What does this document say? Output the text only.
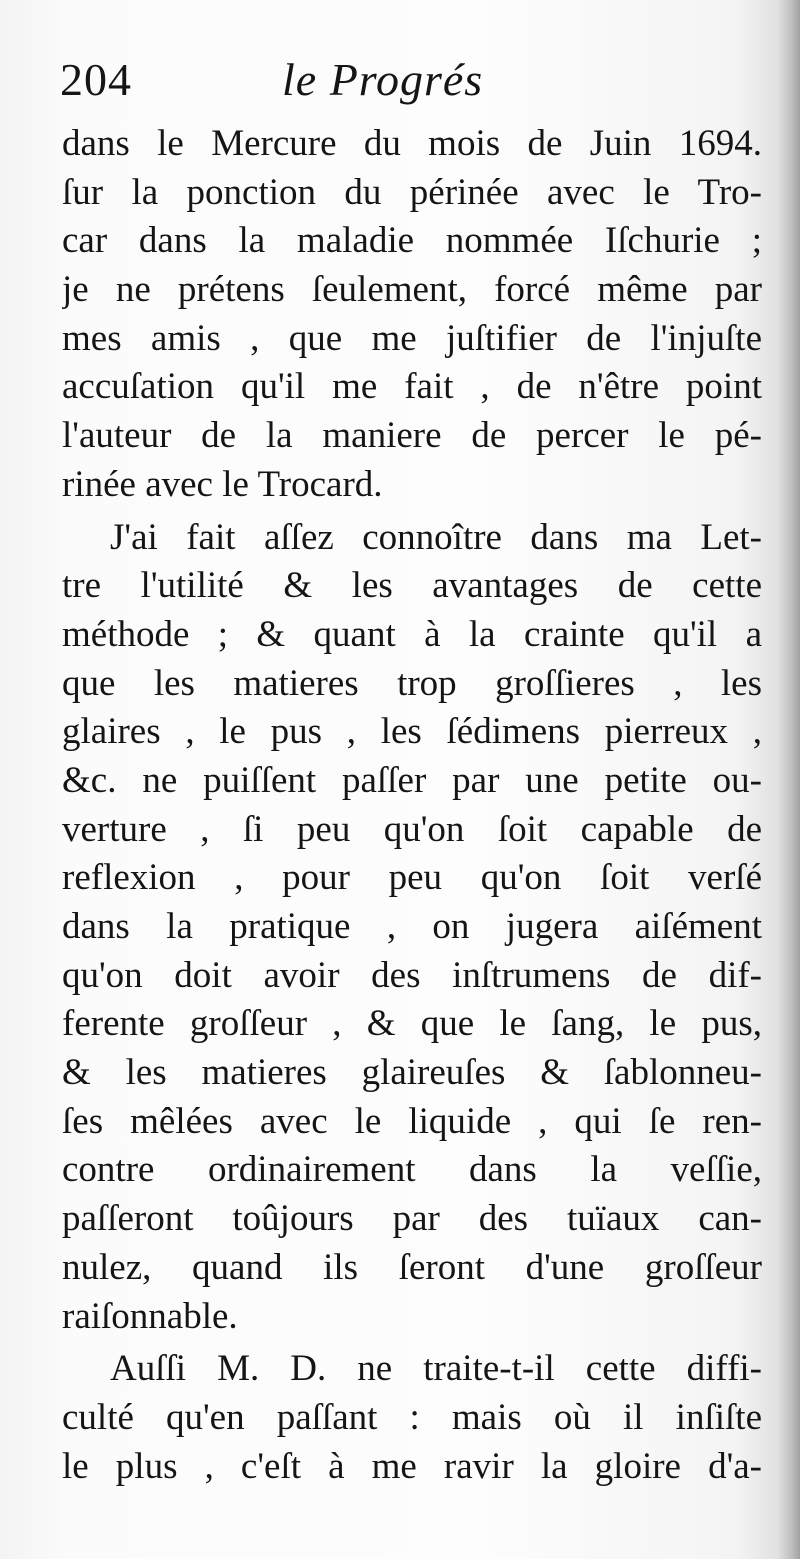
204	le Progrés
dans le Mercure du mois de Juin 1694.
ſur la ponction du périnée avec le Tro-
car dans la maladie nommée Iſchurie ;
je ne prétens ſeulement, forcé même par
mes amis , que me juſtifier de l'injuſte
accuſation qu'il me fait , de n'être point
l'auteur de la maniere de percer le pé-
rinée avec le Trocard.
J'ai fait aſſez connoître dans ma Let-
tre l'utilité & les avantages de cette
méthode ; & quant à la crainte qu'il a
que les matieres trop groſſieres , les
glaires , le pus , les ſédimens pierreux ,
&c. ne puiſſent paſſer par une petite ou-
verture , ſi peu qu'on ſoit capable de
reflexion , pour peu qu'on ſoit verſé
dans la pratique , on jugera aiſément
qu'on doit avoir des inſtrumens de dif-
ferente groſſeur , & que le ſang, le pus,
& les matieres glaireuſes & ſablonneu-
ſes mêlées avec le liquide , qui ſe ren-
contre ordinairement dans la veſſie,
paſſeront toûjours par des tuïaux can-
nulez, quand ils ſeront d'une groſſeur
raiſonnable.
Auſſi M. D. ne traite-t-il cette diffi-
culté qu'en paſſant : mais où il inſiſte
le plus , c'eſt à me ravir la gloire d'a-
